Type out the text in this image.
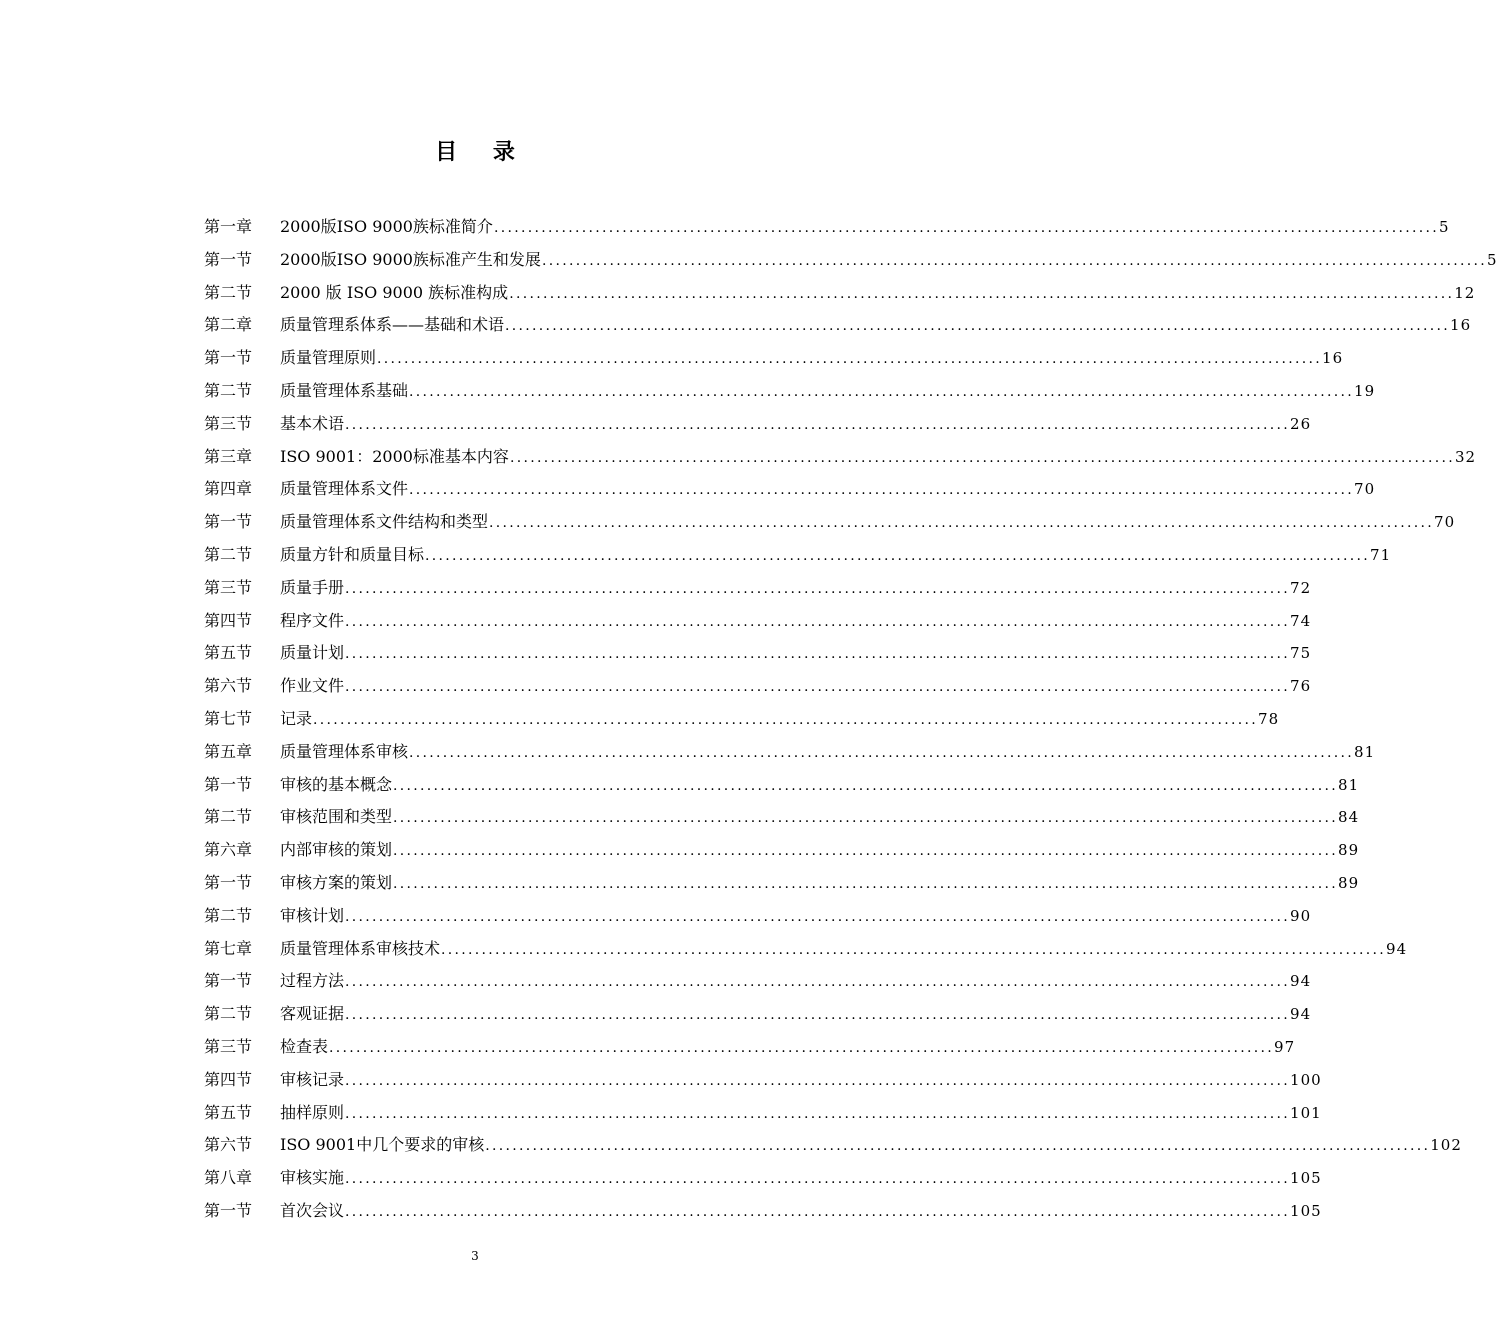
目 录
第一章	2000版ISO 9000族标准简介 .....	5
第一节	2000版ISO 9000族标准产生和发展 .....	5
第二节	2000 版 ISO 9000 族标准构成 .....	12
第二章	质量管理系体系——基础和术语 .....	16
第一节	质量管理原则 .....	16
第二节	质量管理体系基础 .....	19
第三节	基本术语 .....	26
第三章	ISO 9001：2000标准基本内容 .....	32
第四章	质量管理体系文件 .....	70
第一节	质量管理体系文件结构和类型 .....	70
第二节	质量方针和质量目标 .....	71
第三节	质量手册 .....	72
第四节	程序文件 .....	74
第五节	质量计划 .....	75
第六节	作业文件 .....	76
第七节	记录 .....	78
第五章	质量管理体系审核 .....	81
第一节	审核的基本概念 .....	81
第二节	审核范围和类型 .....	84
第六章	内部审核的策划 .....	89
第一节	审核方案的策划 .....	89
第二节	审核计划 .....	90
第七章	质量管理体系审核技术 .....	94
第一节	过程方法 .....	94
第二节	客观证据 .....	94
第三节	检查表 .....	97
第四节	审核记录 .....	100
第五节	抽样原则 .....	101
第六节	ISO 9001中几个要求的审核 .....	102
第八章	审核实施 .....	105
第一节	首次会议 .....	105
3
